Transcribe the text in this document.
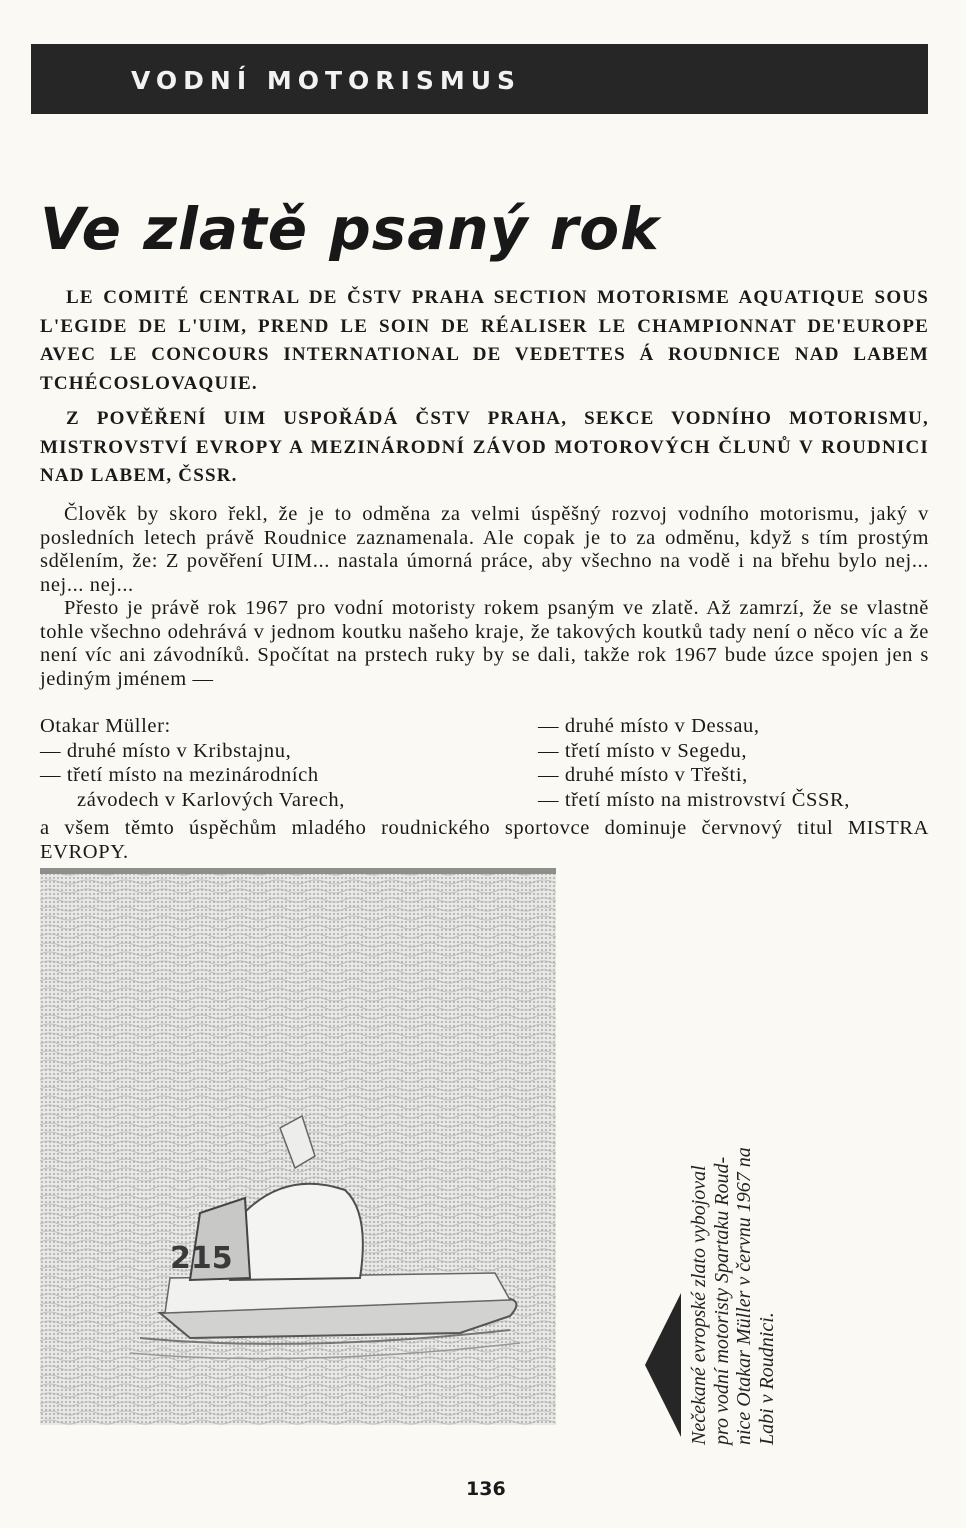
VODNÍ MOTORISMUS
Ve zlatě psaný rok

LE COMITÉ CENTRAL DE ČSTV PRAHA SECTION MOTORISME AQUATIQUE SOUS L'EGIDE DE L'UIM, PREND LE SOIN DE RÉALISER LE CHAMPIONNAT DE'EUROPE AVEC LE CONCOURS INTERNATIONAL DE VEDETTES Á ROUDNICE NAD LABEM TCHÉCOSLOVAQUIE.

Z POVĚŘENÍ UIM USPOŘÁDÁ ČSTV PRAHA, SEKCE VODNÍHO MOTORISMU, MISTROVSTVÍ EVROPY A MEZINÁRODNÍ ZÁVOD MOTOROVÝCH ČLUNŮ V ROUDNICI NAD LABEM, ČSSR.

Člověk by skoro řekl, že je to odměna za velmi úspěšný rozvoj vodního motorismu, jaký v posledních letech právě Roudnice zaznamenala. Ale copak je to za odměnu, když s tím prostým sdělením, že: Z pověření UIM... nastala úmorná práce, aby všechno na vodě i na břehu bylo nej... nej... nej...

Přesto je právě rok 1967 pro vodní motoristy rokem psaným ve zlatě. Až zamrzí, že se vlastně tohle všechno odehrává v jednom koutku našeho kraje, že takových koutků tady není o něco víc a že není víc ani závodníků. Spočítat na prstech ruky by se dali, takže rok 1967 bude úzce spojen jen s jediným jménem —

Otakar Müller:
— druhé místo v Kribstajnu,
— třetí místo na mezinárodních
závodech v Karlových Varech,
— druhé místo v Dessau,
— třetí místo v Segedu,
— druhé místo v Třešti,
— třetí místo na mistrovství ČSSR,

a všem těmto úspěchům mladého roudnického sportovce dominuje červnový titul MISTRA EVROPY.

215	Nečekané evropské zlato vybojoval pro vodní motoristy Spartaku Roud- nice Otakar Müller v červnu 1967 na Labi v Roudnici.
136
